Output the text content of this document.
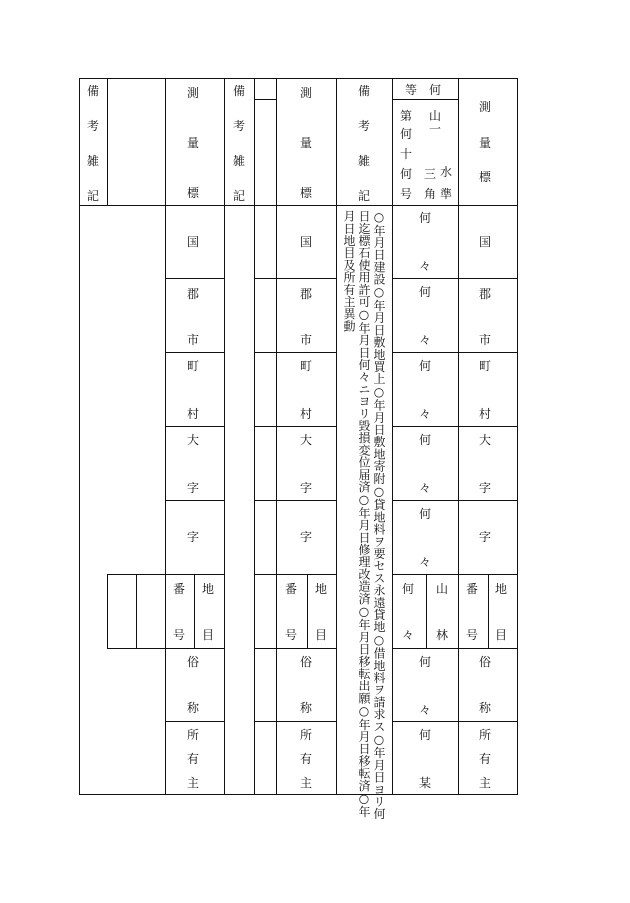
備
考
雑
記
測
量
標
国
郡
市
町
村
大
字
字
番
号
地
目
俗
称
所
有
主
備
考
雑
記
測
量
標
国
郡
市
町
村
大
字
字
番
号
地
目
俗
称
所
有
主
備
考
雑
記
○年月日建設○年月日敷地買上○年月日敷地寄附○貸地料ヲ要セス永遠貸地○借地料ヲ請求ス○年月日ヨリ何
日迄標石使用許可○年月日何々ニヨリ毀損変位届済○年月日修理改造済○年月日移転出願○年月日移転済○年
月日地目及所有主異動
等 何
第
何
十
何
号
山
一
三
角
水
準
何
々
何
々
何
々
何
々
何
々
何
々
山
林
何
々
何
某
測
量
標
国
郡
市
町
村
大
字
字
番
号
地
目
俗
称
所
有
主
